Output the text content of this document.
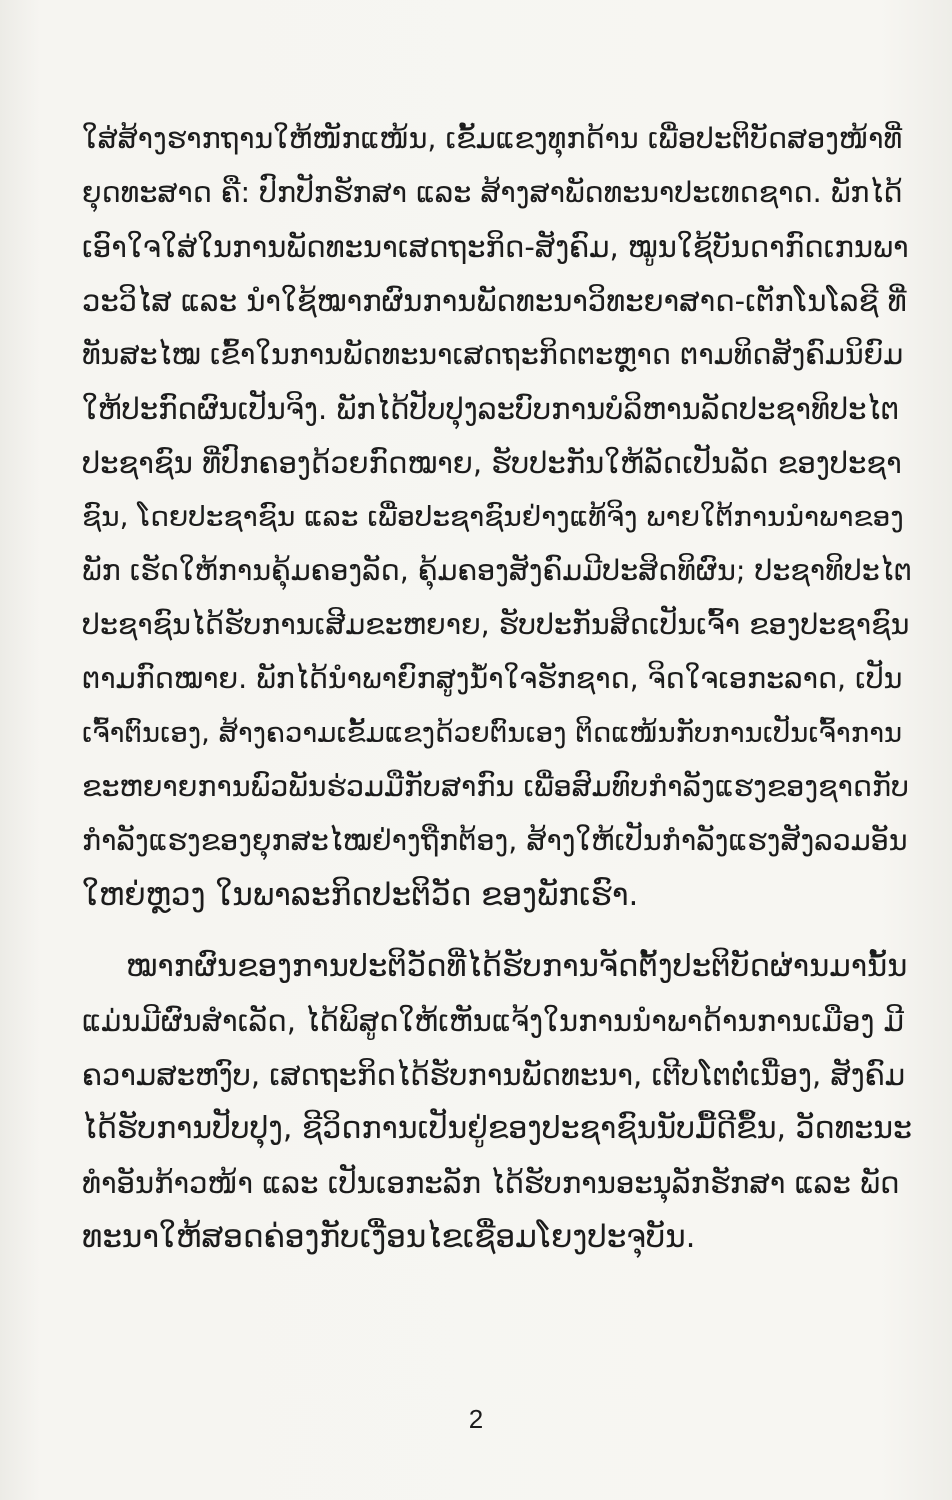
ໃສ່ສ້າງຮາກຖານໃຫ້ໜັກແໜ້ນ, ເຂັ້ມແຂງທຸກດ້ານ ເພື່ອປະຕິບັດສອງໜ້າທີ່
ຍຸດທະສາດ ຄື: ປົກປັກຮັກສາ ແລະ ສ້າງສາພັດທະນາປະເທດຊາດ. ພັກໄດ້
ເອົາໃຈໃສ່ໃນການພັດທະນາເສດຖະກິດ-ສັງຄົມ, ໝູນໃຊ້ບັນດາກົດເກນພາ
ວະວິໄສ ແລະ ນຳໃຊ້ໝາກຜົນການພັດທະນາວິທະຍາສາດ-ເຕັກໂນໂລຊີ ທີ່
ທັນສະໄໝ ເຂົ້າໃນການພັດທະນາເສດຖະກິດຕະຫຼາດ ຕາມທິດສັງຄົມນິຍົມ
ໃຫ້ປະກົດຜົນເປັນຈິງ. ພັກໄດ້ປັບປຸງລະບົບການບໍລິຫານລັດປະຊາທິປະໄຕ
ປະຊາຊົນ ທີ່ປົກຄອງດ້ວຍກົດໝາຍ, ຮັບປະກັນໃຫ້ລັດເປັນລັດ ຂອງປະຊາ
ຊົນ, ໂດຍປະຊາຊົນ ແລະ ເພື່ອປະຊາຊົນຢ່າງແທ້ຈິງ ພາຍໃຕ້ການນຳພາຂອງ
ພັກ ເຮັດໃຫ້ການຄຸ້ມຄອງລັດ, ຄຸ້ມຄອງສັງຄົມມີປະສິດທິຜົນ; ປະຊາທິປະໄຕ
ປະຊາຊົນໄດ້ຮັບການເສີມຂະຫຍາຍ, ຮັບປະກັນສິດເປັນເຈົ້າ ຂອງປະຊາຊົນ
ຕາມກົດໝາຍ. ພັກໄດ້ນຳພາຍົກສູງນໍ້າໃຈຮັກຊາດ, ຈິດໃຈເອກະລາດ, ເປັນ
ເຈົ້າຕົນເອງ, ສ້າງຄວາມເຂັ້ມແຂງດ້ວຍຕົນເອງ ຕິດແໜ້ນກັບການເປັນເຈົ້າການ
ຂະຫຍາຍການພົວພັນຮ່ວມມືກັບສາກົນ ເພື່ອສົມທົບກຳລັງແຮງຂອງຊາດກັບ
ກຳລັງແຮງຂອງຍຸກສະໄໝຢ່າງຖືກຕ້ອງ, ສ້າງໃຫ້ເປັນກຳລັງແຮງສັງລວມອັນ
ໃຫຍ່ຫຼວງ ໃນພາລະກິດປະຕິວັດ ຂອງພັກເຮົາ.
ໝາກຜົນຂອງການປະຕິວັດທີ່ໄດ້ຮັບການຈັດຕັ້ງປະຕິບັດຜ່ານມານັ້ນ
ແມ່ນມີຜົນສຳເລັດ, ໄດ້ພິສູດໃຫ້ເຫັນແຈ້ງໃນການນຳພາດ້ານການເມືອງ ມີ
ຄວາມສະຫງົບ, ເສດຖະກິດໄດ້ຮັບການພັດທະນາ, ເຕີບໂຕຕໍ່ເນື່ອງ, ສັງຄົມ
ໄດ້ຮັບການປັບປຸງ, ຊີວິດການເປັນຢູ່ຂອງປະຊາຊົນນັບມື້ດີຂຶ້ນ, ວັດທະນະ
ທຳອັນກ້າວໜ້າ ແລະ ເປັນເອກະລັກ ໄດ້ຮັບການອະນຸລັກຮັກສາ ແລະ ພັດ
ທະນາໃຫ້ສອດຄ່ອງກັບເງື່ອນໄຂເຊື່ອມໂຍງປະຈຸບັນ.
2
